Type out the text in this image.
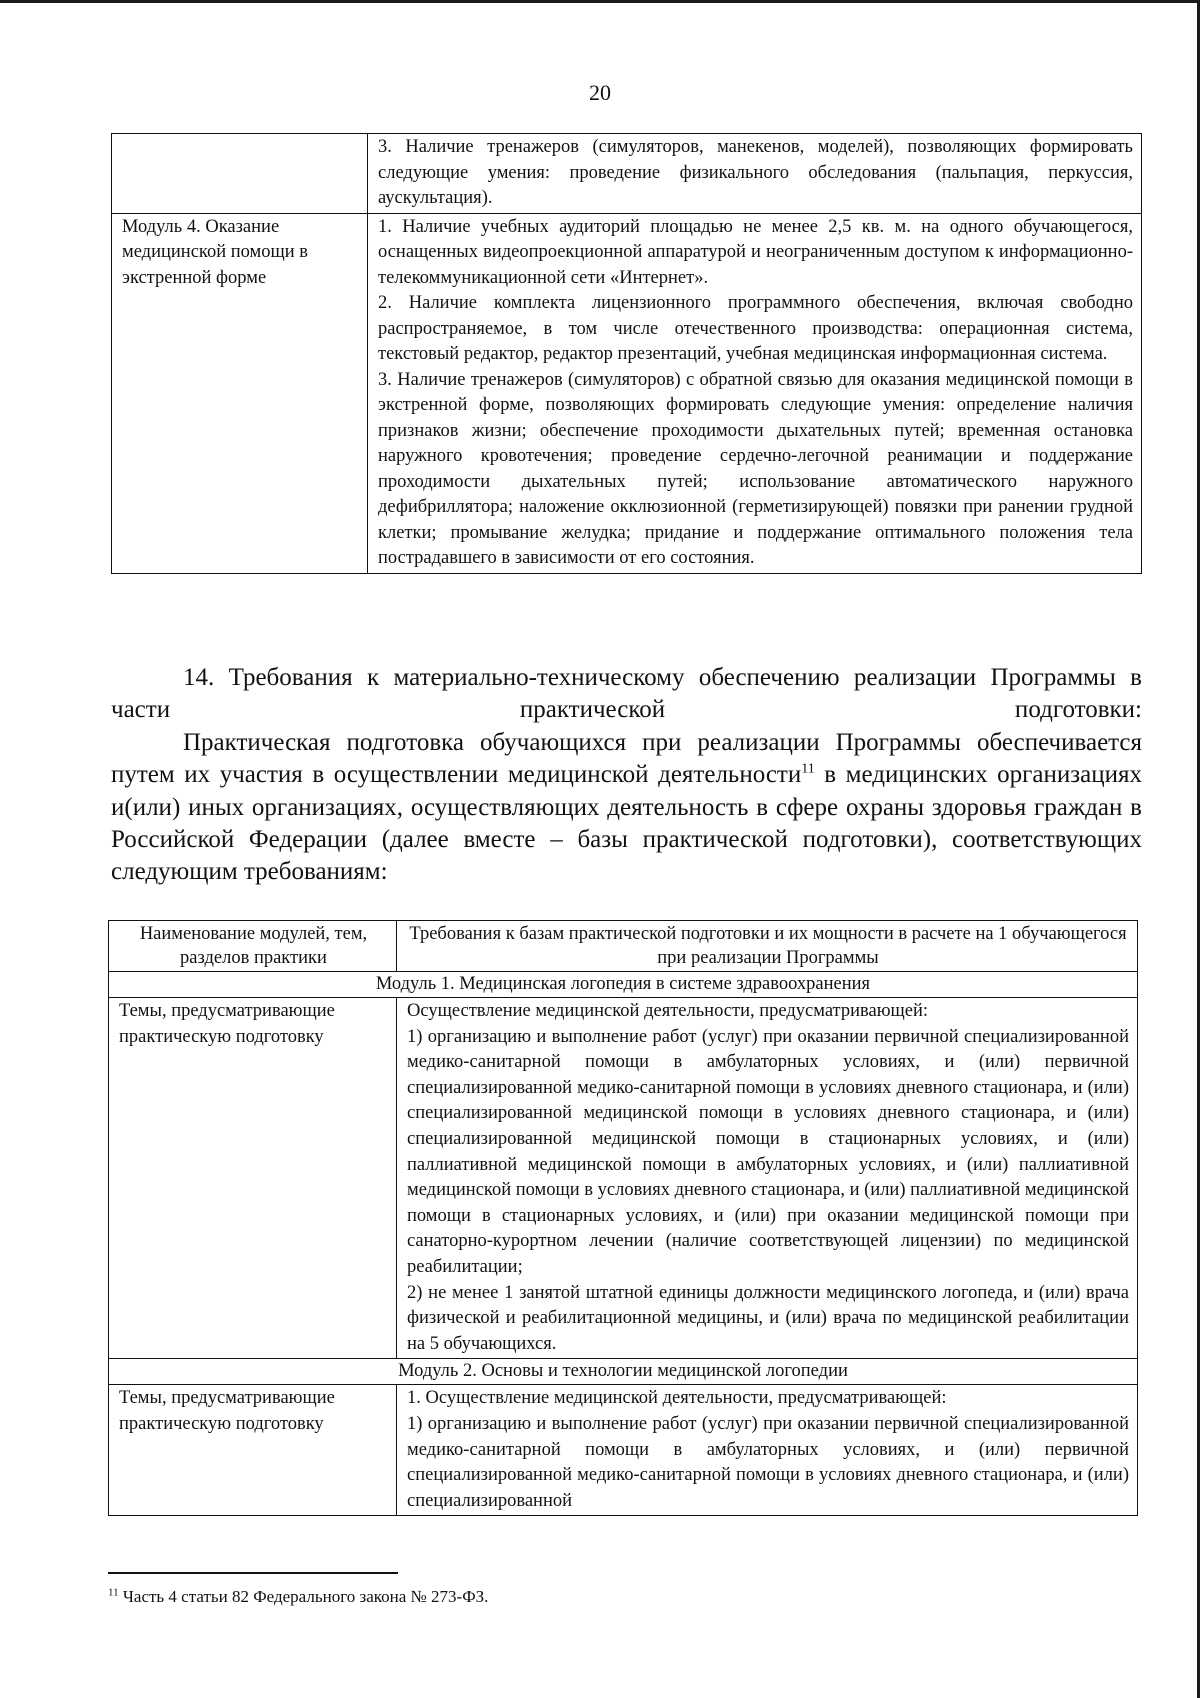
20

	3. Наличие тренажеров (симуляторов, манекенов, моделей), позволяющих формировать следующие умения: проведение физикального обследования (пальпация, перкуссия, аускультация).

Модуль 4. Оказание медицинской помощи в экстренной форме	1. Наличие учебных аудиторий площадью не менее 2,5 кв. м. на одного обучающегося, оснащенных видеопроекционной аппаратурой и неограниченным доступом к информационно-телекоммуникационной сети «Интернет».

2. Наличие комплекта лицензионного программного обеспечения, включая свободно распространяемое, в том числе отечественного производства: операционная система, текстовый редактор, редактор презентаций, учебная медицинская информационная система.

3. Наличие тренажеров (симуляторов) с обратной связью для оказания медицинской помощи в экстренной форме, позволяющих формировать следующие умения: определение наличия признаков жизни; обеспечение проходимости дыхательных путей; временная остановка наружного кровотечения; проведение сердечно-легочной реанимации и поддержание проходимости дыхательных путей; использование автоматического наружного дефибриллятора; наложение окклюзионной (герметизирующей) повязки при ранении грудной клетки; промывание желудка; придание и поддержание оптимального положения тела пострадавшего в зависимости от его состояния.

14. Требования к материально-техническому обеспечению реализации Программы в части практической подготовки:

Практическая подготовка обучающихся при реализации Программы обеспечивается путем их участия в осуществлении медицинской деятельности$^{11}$ в медицинских организациях и(или) иных организациях, осуществляющих деятельность в сфере охраны здоровья граждан в Российской Федерации (далее вместе – базы практической подготовки), соответствующих следующим требованиям:

Наименование модулей, тем, разделов практики	Требования к базам практической подготовки и их мощности в расчете на 1 обучающегося при реализации Программы

Модуль 1. Медицинская логопедия в системе здравоохранения	

Темы, предусматривающие практическую подготовку	Осуществление медицинской деятельности, предусматривающей:

1) организацию и выполнение работ (услуг) при оказании первичной специализированной медико-санитарной помощи в амбулаторных условиях, и (или) первичной специализированной медико-санитарной помощи в условиях дневного стационара, и (или) специализированной медицинской помощи в условиях дневного стационара, и (или) специализированной медицинской помощи в стационарных условиях, и (или) паллиативной медицинской помощи в амбулаторных условиях, и (или) паллиативной медицинской помощи в условиях дневного стационара, и (или) паллиативной медицинской помощи в стационарных условиях, и (или) при оказании медицинской помощи при санаторно-курортном лечении (наличие соответствующей лицензии) по медицинской реабилитации;

2) не менее 1 занятой штатной единицы должности медицинского логопеда, и (или) врача физической и реабилитационной медицины, и (или) врача по медицинской реабилитации на 5 обучающихся.

Модуль 2. Основы и технологии медицинской логопедии	

Темы, предусматривающие практическую подготовку	1. Осуществление медицинской деятельности, предусматривающей:

1) организацию и выполнение работ (услуг) при оказании первичной специализированной медико-санитарной помощи в амбулаторных условиях, и (или) первичной специализированной медико-санитарной помощи в условиях дневного стационара, и (или) специализированной

$^{11}$ Часть 4 статьи 82 Федерального закона № 273-ФЗ.
